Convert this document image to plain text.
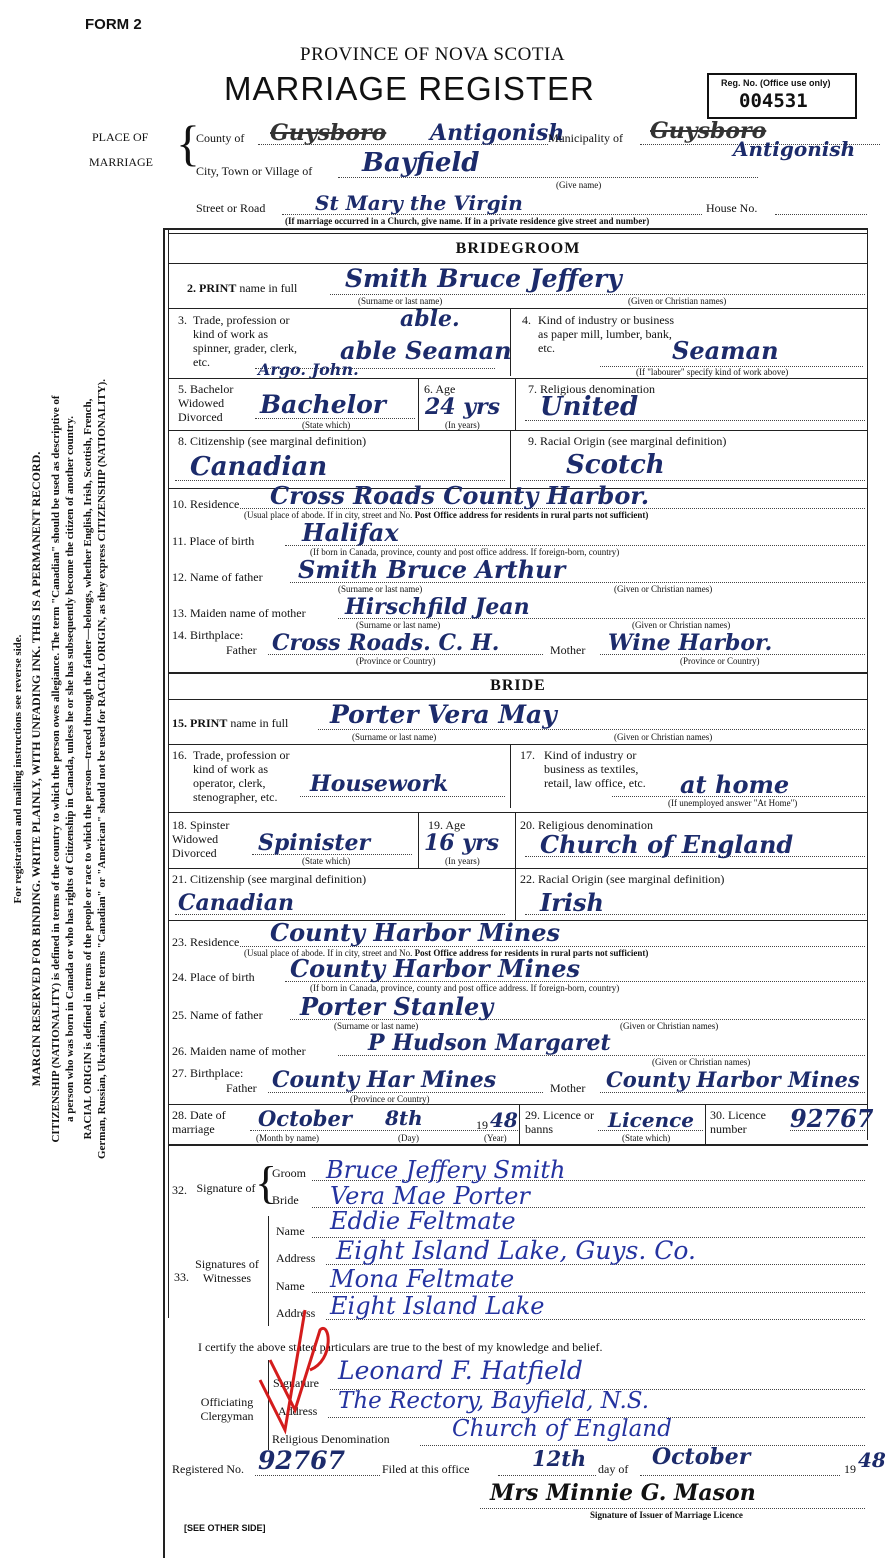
FORM 2
PROVINCE OF NOVA SCOTIA
MARRIAGE REGISTER	Reg. No. (Office use only)
004531
PLACE OF
MARRIAGE {
County of Guysboro Antigonish
Municipality of Guysboro
Antigonish
City, Town or Village of Bayfield
(Give name)
Street or Road St Mary the Virgin	House No.
(If marriage occurred in a Church, give name. If in a private residence give street and number)
BRIDEGROOM
2. PRINT name in full Smith Bruce Jeffery
(Surname or last name)	(Given or Christian names)
3. Trade, profession or kind of work as spinner, grader, clerk, etc.
able.
able Seaman
Argo. John.
4. Kind of industry or business as paper mill, lumber, bank, etc.	Seaman
(If "labourer" specify kind of work above)
5. Bachelor Widowed Divorced	Bachelor
(State which)
6. Age
24 yrs
(In years)
7. Religious denomination
United
8. Citizenship (see marginal definition)
Canadian
9. Racial Origin (see marginal definition)
Scotch
10. Residence Cross Roads County Harbor.
(Usual place of abode. If in city, street and No. Post Office address for residents in rural parts not sufficient)
11. Place of birth Halifax
(If born in Canada, province, county and post office address. If foreign-born, country)
12. Name of father Smith Bruce Arthur
(Surname or last name)	(Given or Christian names)
13. Maiden name of mother Hirschfild Jean
(Surname or last name)	(Given or Christian names)
14. Birthplace:
Father Cross Roads. C. H.	Mother Wine Harbor.
(Province or Country)	(Province or Country)
BRIDE
15. PRINT name in full Porter Vera May
(Surname or last name)	(Given or Christian names)
16. Trade, profession or kind of work as operator, clerk, stenographer, etc.	Housework
17. Kind of industry or business as textiles, retail, law office, etc.	at home
(If unemployed answer "At Home")
18. Spinster Widowed Divorced	Spinister
(State which)
19. Age
16 yrs
(In years)
20. Religious denomination
Church of England
21. Citizenship (see marginal definition)
Canadian
22. Racial Origin (see marginal definition)
Irish
23. Residence County Harbor Mines
(Usual place of abode. If in city, street and No. Post Office address for residents in rural parts not sufficient)
24. Place of birth County Harbor Mines
(If born in Canada, province, county and post office address. If foreign-born, country)
25. Name of father Porter Stanley
(Surname or last name)	(Given or Christian names)
26. Maiden name of mother	P Hudson Margaret
(Given or Christian names)
27. Birthplace:
Father County Har Mines	Mother County Harbor Mines
(Province or Country)
28. Date of marriage	October 8th	19 48
(Month by name)	(Day)	(Year)
29. Licence or banns	Licence
(State which)
30. Licence number	92767
32. Signature of {
Groom Bruce Jeffery Smith
Bride Vera Mae Porter
33.
Signatures of Witnesses
Name Eddie Feltmate
Address Eight Island Lake, Guys. Co.
Name Mona Feltmate
Address Eight Island Lake
I certify the above stated particulars are true to the best of my knowledge and belief.
Officiating Clergyman
Signature Leonard F. Hatfield
Address The Rectory, Bayfield, N.S.
Religious Denomination	Church of England
Registered No. 92767	Filed at this office	12th day of October	19 48
Mrs Minnie G. Mason
Signature of Issuer of Marriage Licence
[SEE OTHER SIDE]
For registration and mailing instructions see reverse side. MARGIN RESERVED FOR BINDING. WRITE PLAINLY, WITH UNFADING INK. THIS IS A PERMANENT RECORD. CITIZENSHIP (NATIONALITY) is defined in terms of the country to which the person owes allegiance. The term "Canadian" should be used as descriptive of a person who was born in Canada or who has rights of Citizenship in Canada, unless he or she has subsequently become the citizen of another country. RACIAL ORIGIN is defined in terms of the people or race to which the person—traced through the father—belongs, whether English, Irish, Scottish, French, German, Russian, Ukrainian, etc. The terms "Canadian" or "American" should not be used for RACIAL ORIGIN, as they express CITIZENSHIP (NATIONALITY).
